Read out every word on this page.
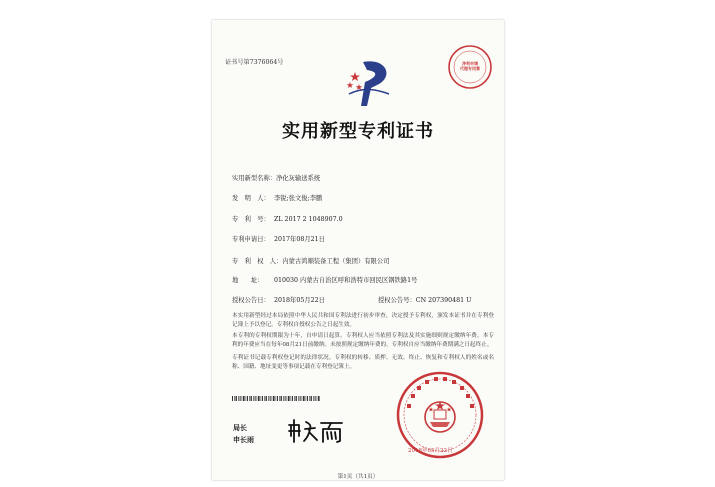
证书号第7376064号	净利申请
代理专用章
实用新型专利证书
实用新型名称：净化灰输送系统
发　明　人： 李锐;张文俊;李鹏
专　利　号： ZL 2017 2 1048907.0
专利申请日： 2017年08月21日
专　利　权　人：内蒙古鸿顺装备工程（集团）有限公司
地　　址： 010030 内蒙古自治区呼和浩特市回民区钢铁路1号
授权公告日： 2018年05月22日	授权公告号：CN 207390481 U
本实用新型经过本局依照中华人民共和国专利法进行初步审查，决定授予专利权，颁发本证书并在专利登记簿上予以登记。专利权自授权公告之日起生效。
本专利的专利权期限为十年，自申请日起算。专利权人应当依照专利法及其实施细则规定缴纳年费。本专利的年费应当在每年08月21日前缴纳。未按照规定缴纳年费的，专利权自应当缴纳年费期满之日起终止。
专利证书记载专利权登记时的法律状况。专利权的转移、质押、无效、终止、恢复和专利权人的姓名或名称、国籍、地址变更等事项记载在专利登记簿上。
局长
申长雨
2018年05月22日
第1页（共1页）
